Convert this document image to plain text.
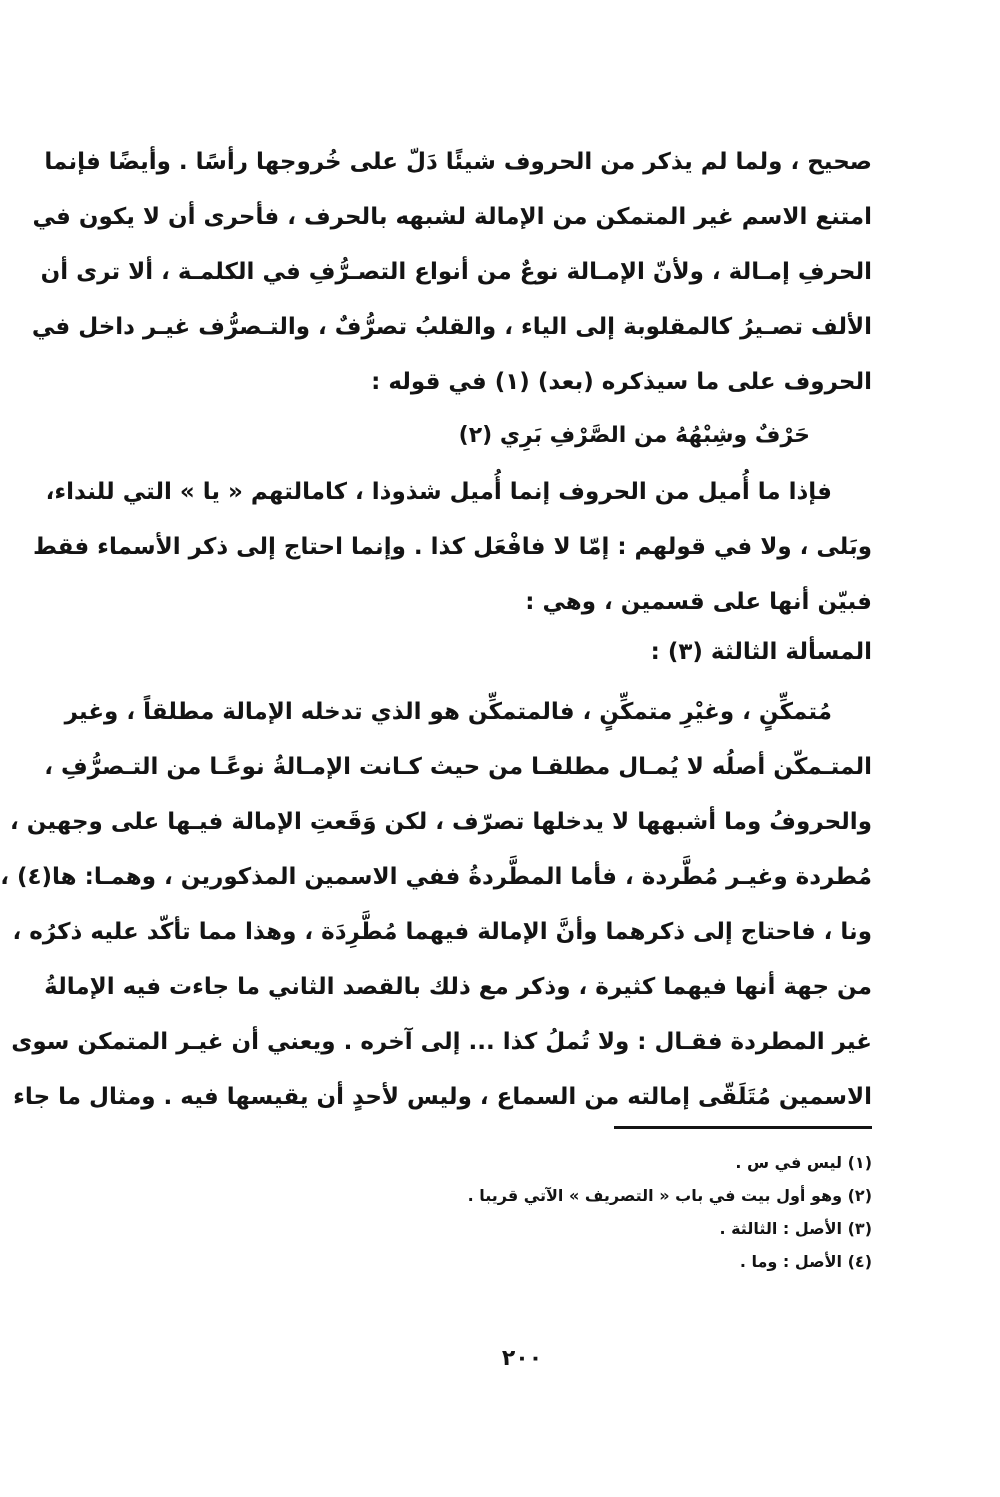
صحيح ، ولما لم يذكر من الحروف شيئًا دَلّ على خُروجها رأسًا . وأيضًا فإنما
امتنع الاسم غير المتمكن من الإمالة لشبهه بالحرف ، فأحرى أن لا يكون في
الحرفِ إمـالة ، ولأنّ الإمـالة نوعٌ من أنواع التصـرُّفِ في الكلمـة ، ألا ترى أن
الألف تصـيرُ كالمقلوبة إلى الياء ، والقلبُ تصرُّفٌ ، والتـصرُّف غيـر داخل في
الحروف على ما سيذكره (بعد) (١) في قوله :
فإذا ما أُميل من الحروف إنما أُميل شذوذا ، كامالتهم « يا » التي للنداء،
وبَلى ، ولا في قولهم : إمّا لا فافْعَل كذا . وإنما احتاج إلى ذكر الأسماء فقط
فبيّن أنها على قسمين ، وهي :
المسألة الثالثة (٣) :
مُتمكِّنٍ ، وغيْرِ متمكِّنٍ ، فالمتمكِّن هو الذي تدخله الإمالة مطلقاً ، وغير
المتـمكّن أصلُه لا يُمـال مطلقـا من حيث كـانت الإمـالةُ نوعًـا من التـصرُّفِ ،
والحروفُ وما أشبهها لا يدخلها تصرّف ، لكن وَقَعتِ الإمالة فيـها على وجهين ،
مُطردة وغيـر مُطَّردة ، فأما المطَّردةُ ففي الاسمين المذكورين ، وهمـا: ها(٤) ،
ونا ، فاحتاج إلى ذكرهما وأنَّ الإمالة فيهما مُطَّرِدَة ، وهذا مما تأكّد عليه ذكرُه ،
من جهة أنها فيهما كثيرة ، وذكر مع ذلك بالقصد الثاني ما جاءت فيه الإمالةُ
غير المطردة فقـال : ولا تُملُ كذا ... إلى آخره . ويعني أن غيـر المتمكن سوى
الاسمين مُتَلَقّى إمالته من السماع ، وليس لأحدٍ أن يقيسها فيه . ومثال ما جاء
حَرْفٌ وشِبْهُهُ من الصَّرْفِ بَرِي (٢)
(١) ليس في س .
(٢) وهو أول بيت في باب « التصريف » الآتي قريبا .
(٣) الأصل : الثالثة .
(٤) الأصل : وما .
٢٠٠
